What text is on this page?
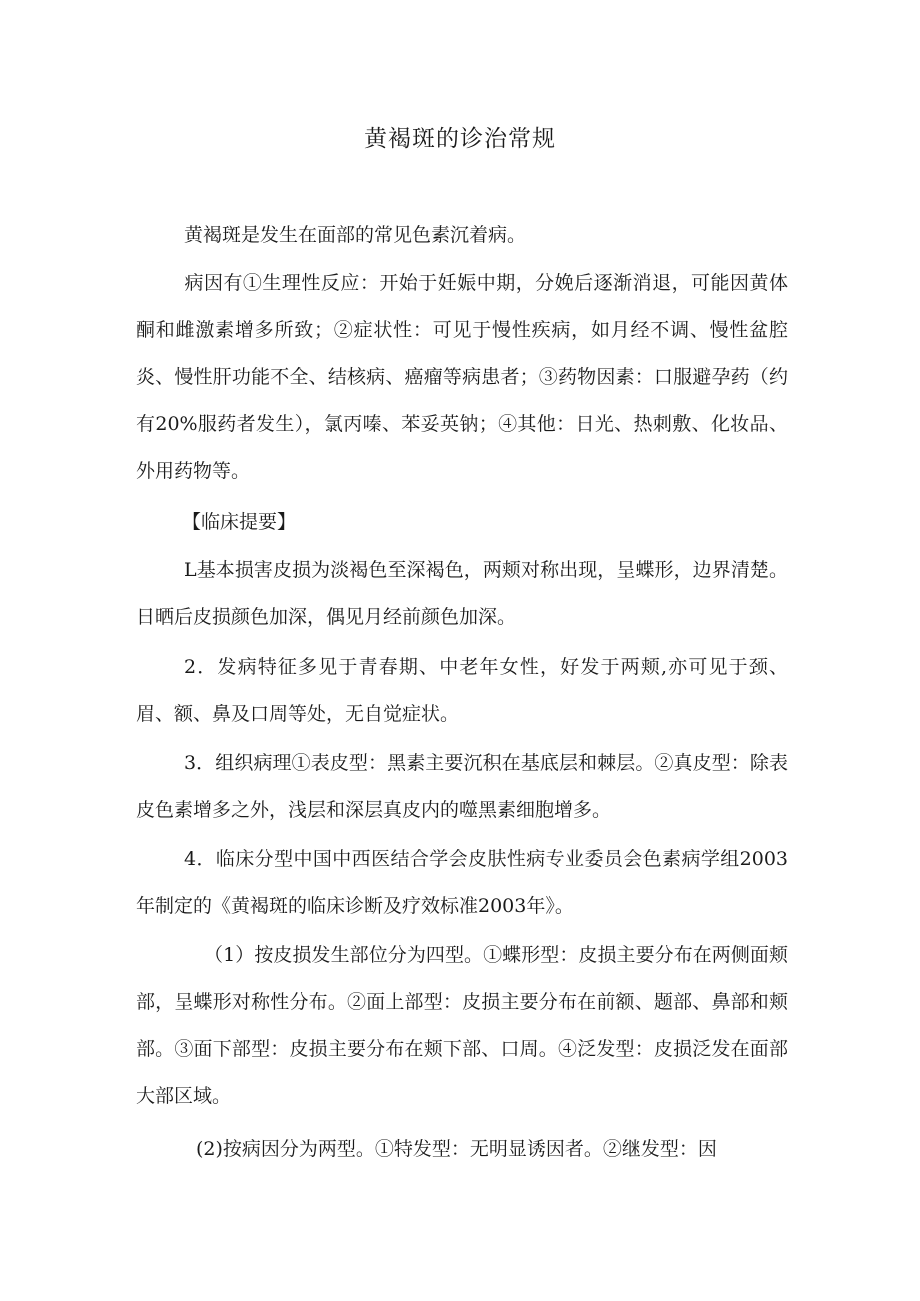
黄褐斑的诊治常规

黄褐斑是发生在面部的常见色素沉着病。

病因有①生理性反应：开始于妊娠中期，分娩后逐渐消退，可能因黄体酮和雌激素增多所致；②症状性：可见于慢性疾病，如月经不调、慢性盆腔炎、慢性肝功能不全、结核病、癌瘤等病患者；③药物因素：口服避孕药（约有20%服药者发生），氯丙嗪、苯妥英钠；④其他：日光、热刺敷、化妆品、外用药物等。

【临床提要】

L基本损害皮损为淡褐色至深褐色，两颊对称出现，呈蝶形，边界清楚。日晒后皮损颜色加深，偶见月经前颜色加深。

2．发病特征多见于青春期、中老年女性，好发于两颊,亦可见于颈、眉、额、鼻及口周等处，无自觉症状。

3．组织病理①表皮型：黑素主要沉积在基底层和棘层。②真皮型：除表皮色素增多之外，浅层和深层真皮内的噬黑素细胞增多。

4．临床分型中国中西医结合学会皮肤性病专业委员会色素病学组2003年制定的《黄褐斑的临床诊断及疗效标准2003年》。

（1）按皮损发生部位分为四型。①蝶形型：皮损主要分布在两侧面颊部，呈蝶形对称性分布。②面上部型：皮损主要分布在前额、题部、鼻部和颊部。③面下部型：皮损主要分布在颊下部、口周。④泛发型：皮损泛发在面部大部区域。

(2)按病因分为两型。①特发型：无明显诱因者。②继发型：因
